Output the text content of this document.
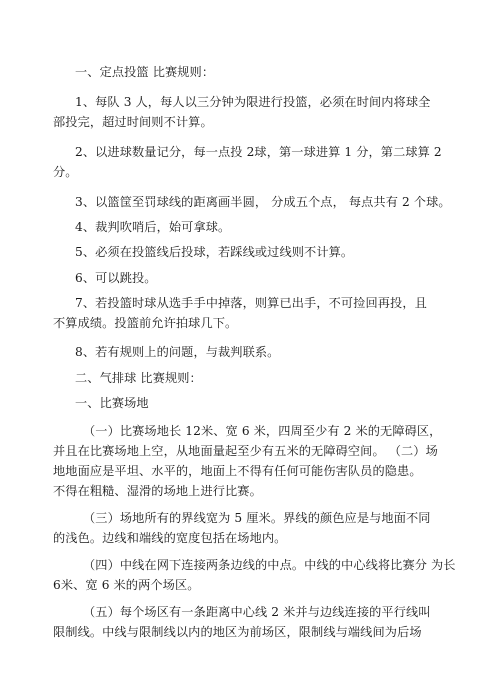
一、定点投篮 比赛规则：
1、每队 3 人，每人以三分钟为限进行投篮，必须在时间内将球全
部投完，超过时间则不计算。
2、以进球数量记分，每一点投 2球，第一球进算 1 分，第二球算 2
分。
3、以篮筐至罚球线的距离画半圆， 分成五个点， 每点共有 2 个球。
4、裁判吹哨后，始可拿球。
5、必须在投篮线后投球，若踩线或过线则不计算。
6、可以跳投。
7、若投篮时球从选手手中掉落，则算已出手，不可捡回再投，且
不算成绩。投篮前允许拍球几下。
8、若有规则上的问题，与裁判联系。
二、气排球 比赛规则：
一、比赛场地
（一）比赛场地长 12米、宽 6 米，四周至少有 2 米的无障碍区，
并且在比赛场地上空，从地面量起至少有五米的无障碍空间。 （二）场
地地面应是平坦、水平的，地面上不得有任何可能伤害队员的隐患。
不得在粗糙、湿滑的场地上进行比赛。
（三）场地所有的界线宽为 5 厘米。界线的颜色应是与地面不同
的浅色。边线和端线的宽度包括在场地内。
（四）中线在网下连接两条边线的中点。中线的中心线将比赛分 为长
6米、宽 6 米的两个场区。
（五）每个场区有一条距离中心线 2 米并与边线连接的平行线叫
限制线。中线与限制线以内的地区为前场区，限制线与端线间为后场
